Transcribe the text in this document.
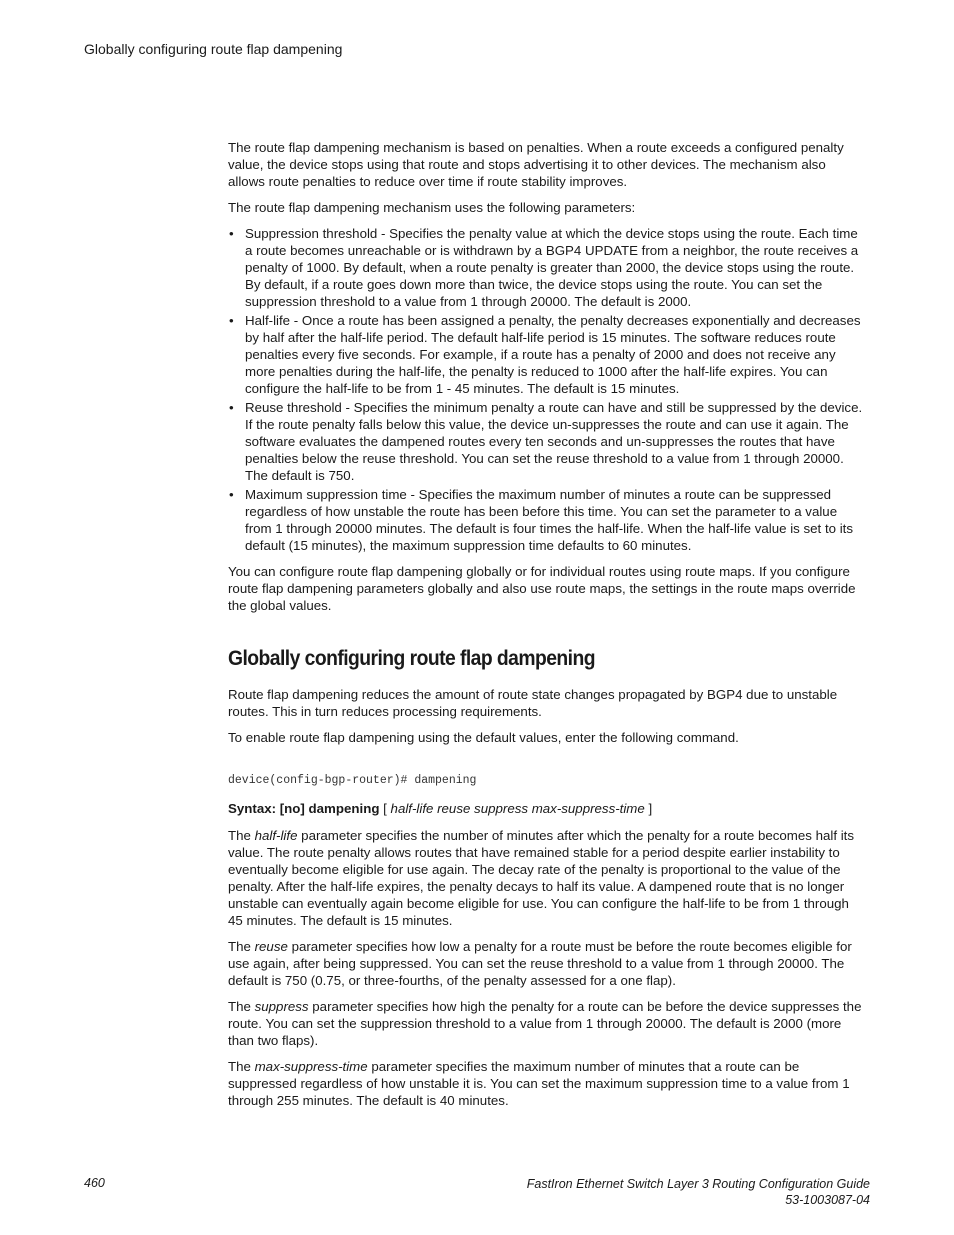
Globally configuring route flap dampening

The route flap dampening mechanism is based on penalties. When a route exceeds a configured penalty value, the device stops using that route and stops advertising it to other devices. The mechanism also allows route penalties to reduce over time if route stability improves.

The route flap dampening mechanism uses the following parameters:

• Suppression threshold - Specifies the penalty value at which the device stops using the route. Each time a route becomes unreachable or is withdrawn by a BGP4 UPDATE from a neighbor, the route receives a penalty of 1000. By default, when a route penalty is greater than 2000, the device stops using the route. By default, if a route goes down more than twice, the device stops using the route. You can set the suppression threshold to a value from 1 through 20000. The default is 2000.
• Half-life - Once a route has been assigned a penalty, the penalty decreases exponentially and decreases by half after the half-life period. The default half-life period is 15 minutes. The software reduces route penalties every five seconds. For example, if a route has a penalty of 2000 and does not receive any more penalties during the half-life, the penalty is reduced to 1000 after the half-life expires. You can configure the half-life to be from 1 - 45 minutes. The default is 15 minutes.
• Reuse threshold - Specifies the minimum penalty a route can have and still be suppressed by the device. If the route penalty falls below this value, the device un-suppresses the route and can use it again. The software evaluates the dampened routes every ten seconds and un-suppresses the routes that have penalties below the reuse threshold. You can set the reuse threshold to a value from 1 through 20000. The default is 750.
• Maximum suppression time - Specifies the maximum number of minutes a route can be suppressed regardless of how unstable the route has been before this time. You can set the parameter to a value from 1 through 20000 minutes. The default is four times the half-life. When the half-life value is set to its default (15 minutes), the maximum suppression time defaults to 60 minutes.

You can configure route flap dampening globally or for individual routes using route maps. If you configure route flap dampening parameters globally and also use route maps, the settings in the route maps override the global values.

Globally configuring route flap dampening

Route flap dampening reduces the amount of route state changes propagated by BGP4 due to unstable routes. This in turn reduces processing requirements.

To enable route flap dampening using the default values, enter the following command.

device(config-bgp-router)# dampening

Syntax: [no] dampening [ half-life reuse suppress max-suppress-time ]

The half-life parameter specifies the number of minutes after which the penalty for a route becomes half its value. The route penalty allows routes that have remained stable for a period despite earlier instability to eventually become eligible for use again. The decay rate of the penalty is proportional to the value of the penalty. After the half-life expires, the penalty decays to half its value. A dampened route that is no longer unstable can eventually again become eligible for use. You can configure the half-life to be from 1 through 45 minutes. The default is 15 minutes.

The reuse parameter specifies how low a penalty for a route must be before the route becomes eligible for use again, after being suppressed. You can set the reuse threshold to a value from 1 through 20000. The default is 750 (0.75, or three-fourths, of the penalty assessed for a one flap).

The suppress parameter specifies how high the penalty for a route can be before the device suppresses the route. You can set the suppression threshold to a value from 1 through 20000. The default is 2000 (more than two flaps).

The max-suppress-time parameter specifies the maximum number of minutes that a route can be suppressed regardless of how unstable it is. You can set the maximum suppression time to a value from 1 through 255 minutes. The default is 40 minutes.

460	FastIron Ethernet Switch Layer 3 Routing Configuration Guide
53-1003087-04
